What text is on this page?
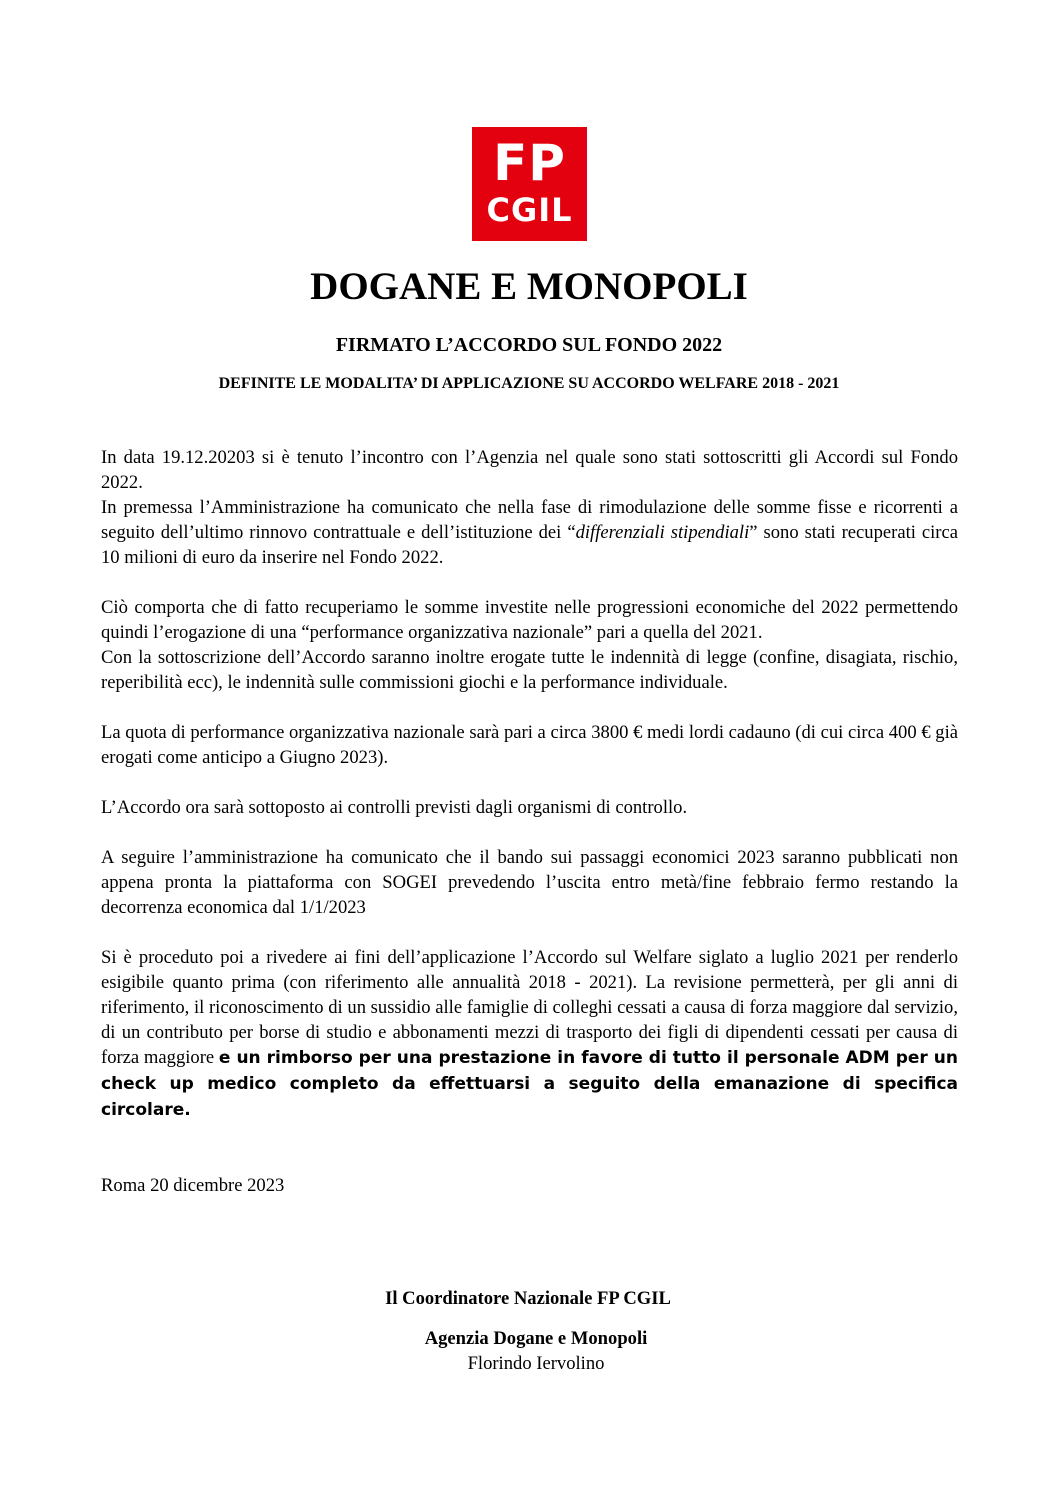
FP
CGIL
DOGANE E MONOPOLI
FIRMATO L’ACCORDO SUL FONDO 2022
DEFINITE LE MODALITA’ DI APPLICAZIONE SU ACCORDO WELFARE 2018 - 2021

In data 19.12.20203 si è tenuto l’incontro con l’Agenzia nel quale sono stati sottoscritti gli Accordi sul Fondo 2022.

In premessa l’Amministrazione ha comunicato che nella fase di rimodulazione delle somme fisse e ricorrenti a seguito dell’ultimo rinnovo contrattuale e dell’istituzione dei “differenziali stipendiali” sono stati recuperati circa 10 milioni di euro da inserire nel Fondo 2022.

Ciò comporta che di fatto recuperiamo le somme investite nelle progressioni economiche del 2022 permettendo quindi l’erogazione di una “performance organizzativa nazionale” pari a quella del 2021.

Con la sottoscrizione dell’Accordo saranno inoltre erogate tutte le indennità di legge (confine, disagiata, rischio, reperibilità ecc), le indennità sulle commissioni giochi e la performance individuale.

La quota di performance organizzativa nazionale sarà pari a circa 3800 € medi lordi cadauno (di cui circa 400 € già erogati come anticipo a Giugno 2023).

L’Accordo ora sarà sottoposto ai controlli previsti dagli organismi di controllo.

A seguire l’amministrazione ha comunicato che il bando sui passaggi economici 2023 saranno pubblicati non appena pronta la piattaforma con SOGEI prevedendo l’uscita entro metà/fine febbraio fermo restando la decorrenza economica dal 1/1/2023

Si è proceduto poi a rivedere ai fini dell’applicazione l’Accordo sul Welfare siglato a luglio 2021 per renderlo esigibile quanto prima (con riferimento alle annualità 2018 - 2021). La revisione permetterà, per gli anni di riferimento, il riconoscimento di un sussidio alle famiglie di colleghi cessati a causa di forza maggiore dal servizio, di un contributo per borse di studio e abbonamenti mezzi di trasporto dei figli di dipendenti cessati per causa di forza maggiore e un rimborso per una prestazione in favore di tutto il personale ADM per un check up medico completo da effettuarsi a seguito della emanazione di specifica circolare.

Roma 20 dicembre 2023

Il Coordinatore Nazionale FP CGIL
Agenzia Dogane e Monopoli
Florindo Iervolino
